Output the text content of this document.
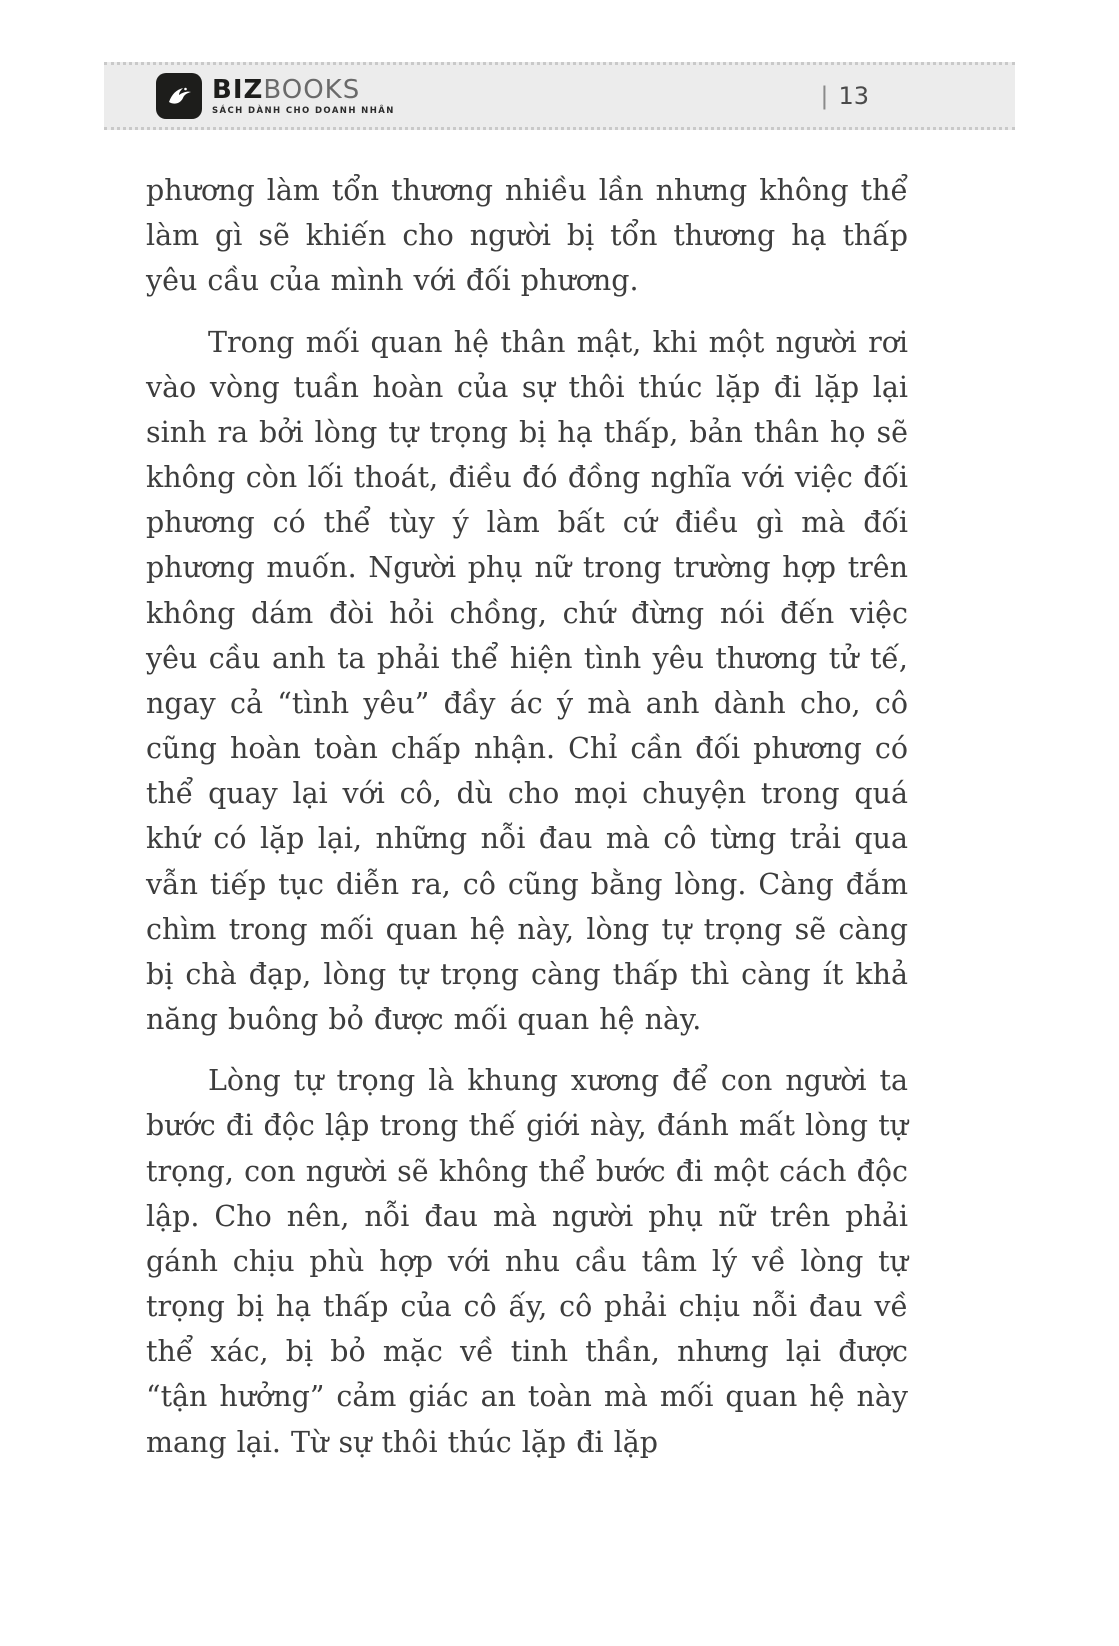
BIZBOOKS
SÁCH DÀNH CHO DOANH NHÂN
| 13

phương làm tổn thương nhiều lần nhưng không thể làm gì sẽ khiến cho người bị tổn thương hạ thấp yêu cầu của mình với đối phương.

Trong mối quan hệ thân mật, khi một người rơi vào vòng tuần hoàn của sự thôi thúc lặp đi lặp lại sinh ra bởi lòng tự trọng bị hạ thấp, bản thân họ sẽ không còn lối thoát, điều đó đồng nghĩa với việc đối phương có thể tùy ý làm bất cứ điều gì mà đối phương muốn. Người phụ nữ trong trường hợp trên không dám đòi hỏi chồng, chứ đừng nói đến việc yêu cầu anh ta phải thể hiện tình yêu thương tử tế, ngay cả “tình yêu” đầy ác ý mà anh dành cho, cô cũng hoàn toàn chấp nhận. Chỉ cần đối phương có thể quay lại với cô, dù cho mọi chuyện trong quá khứ có lặp lại, những nỗi đau mà cô từng trải qua vẫn tiếp tục diễn ra, cô cũng bằng lòng. Càng đắm chìm trong mối quan hệ này, lòng tự trọng sẽ càng bị chà đạp, lòng tự trọng càng thấp thì càng ít khả năng buông bỏ được mối quan hệ này.

Lòng tự trọng là khung xương để con người ta bước đi độc lập trong thế giới này, đánh mất lòng tự trọng, con người sẽ không thể bước đi một cách độc lập. Cho nên, nỗi đau mà người phụ nữ trên phải gánh chịu phù hợp với nhu cầu tâm lý về lòng tự trọng bị hạ thấp của cô ấy, cô phải chịu nỗi đau về thể xác, bị bỏ mặc về tinh thần, nhưng lại được “tận hưởng” cảm giác an toàn mà mối quan hệ này mang lại. Từ sự thôi thúc lặp đi lặp
